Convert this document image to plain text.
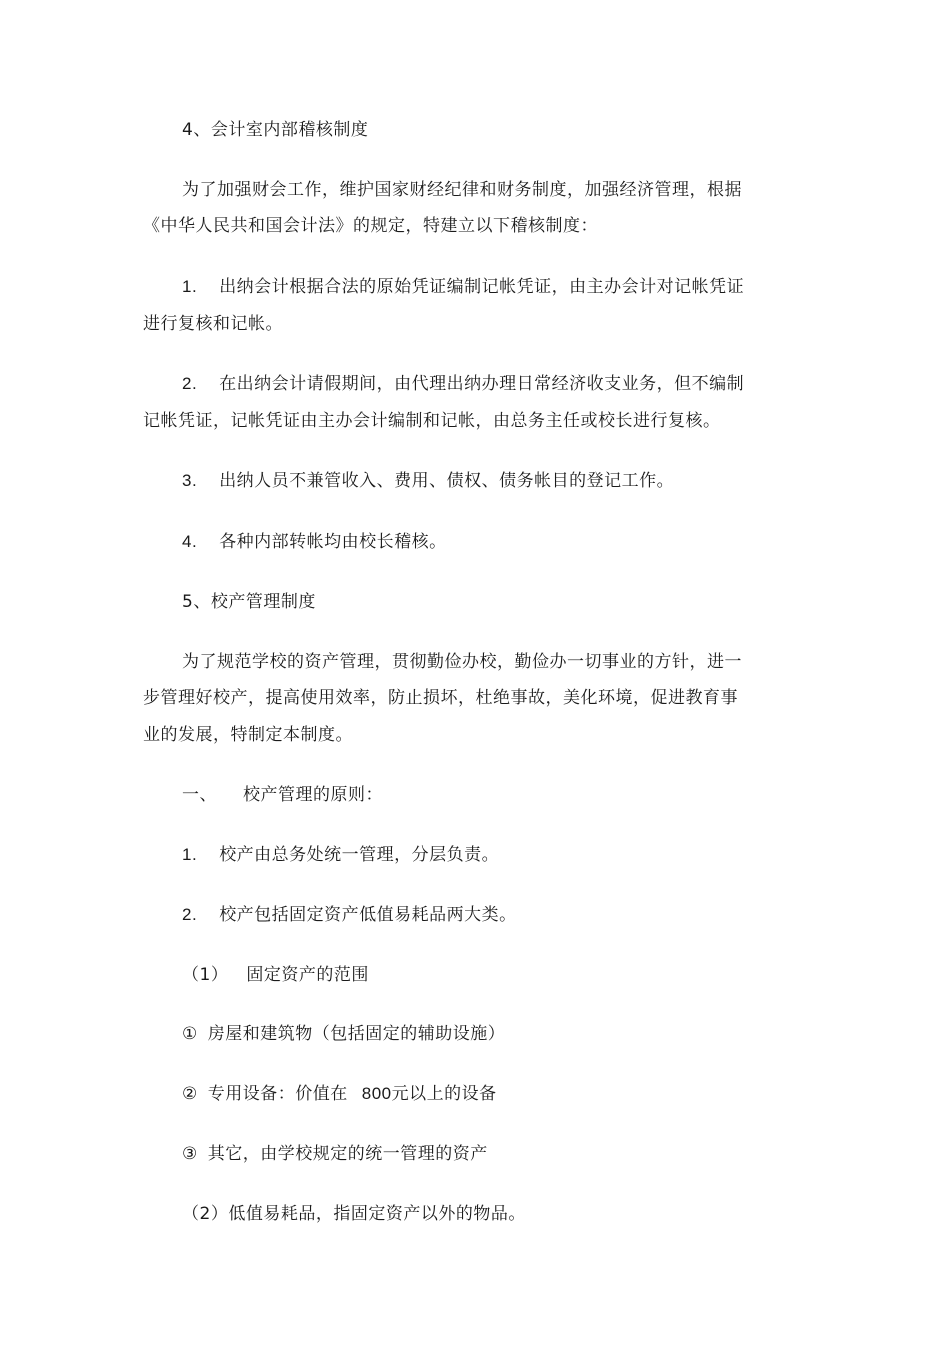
4、会计室内部稽核制度
为了加强财会工作，维护国家财经纪律和财务制度，加强经济管理，根据
《中华人民共和国会计法》的规定，特建立以下稽核制度：
1. 出纳会计根据合法的原始凭证编制记帐凭证，由主办会计对记帐凭证
进行复核和记帐。
2. 在出纳会计请假期间，由代理出纳办理日常经济收支业务，但不编制
记帐凭证，记帐凭证由主办会计编制和记帐，由总务主任或校长进行复核。
3. 出纳人员不兼管收入、费用、债权、债务帐目的登记工作。
4. 各种内部转帐均由校长稽核。
5、校产管理制度
为了规范学校的资产管理，贯彻勤俭办校，勤俭办一切事业的方针，进一
步管理好校产，提高使用效率，防止损坏，杜绝事故，美化环境，促进教育事
业的发展，特制定本制度。
一、 校产管理的原则：
1. 校产由总务处统一管理，分层负责。
2. 校产包括固定资产低值易耗品两大类。
（1） 固定资产的范围
① 房屋和建筑物（包括固定的辅助设施）
② 专用设备：价值在 800元以上的设备
③ 其它，由学校规定的统一管理的资产
（2）低值易耗品，指固定资产以外的物品。
